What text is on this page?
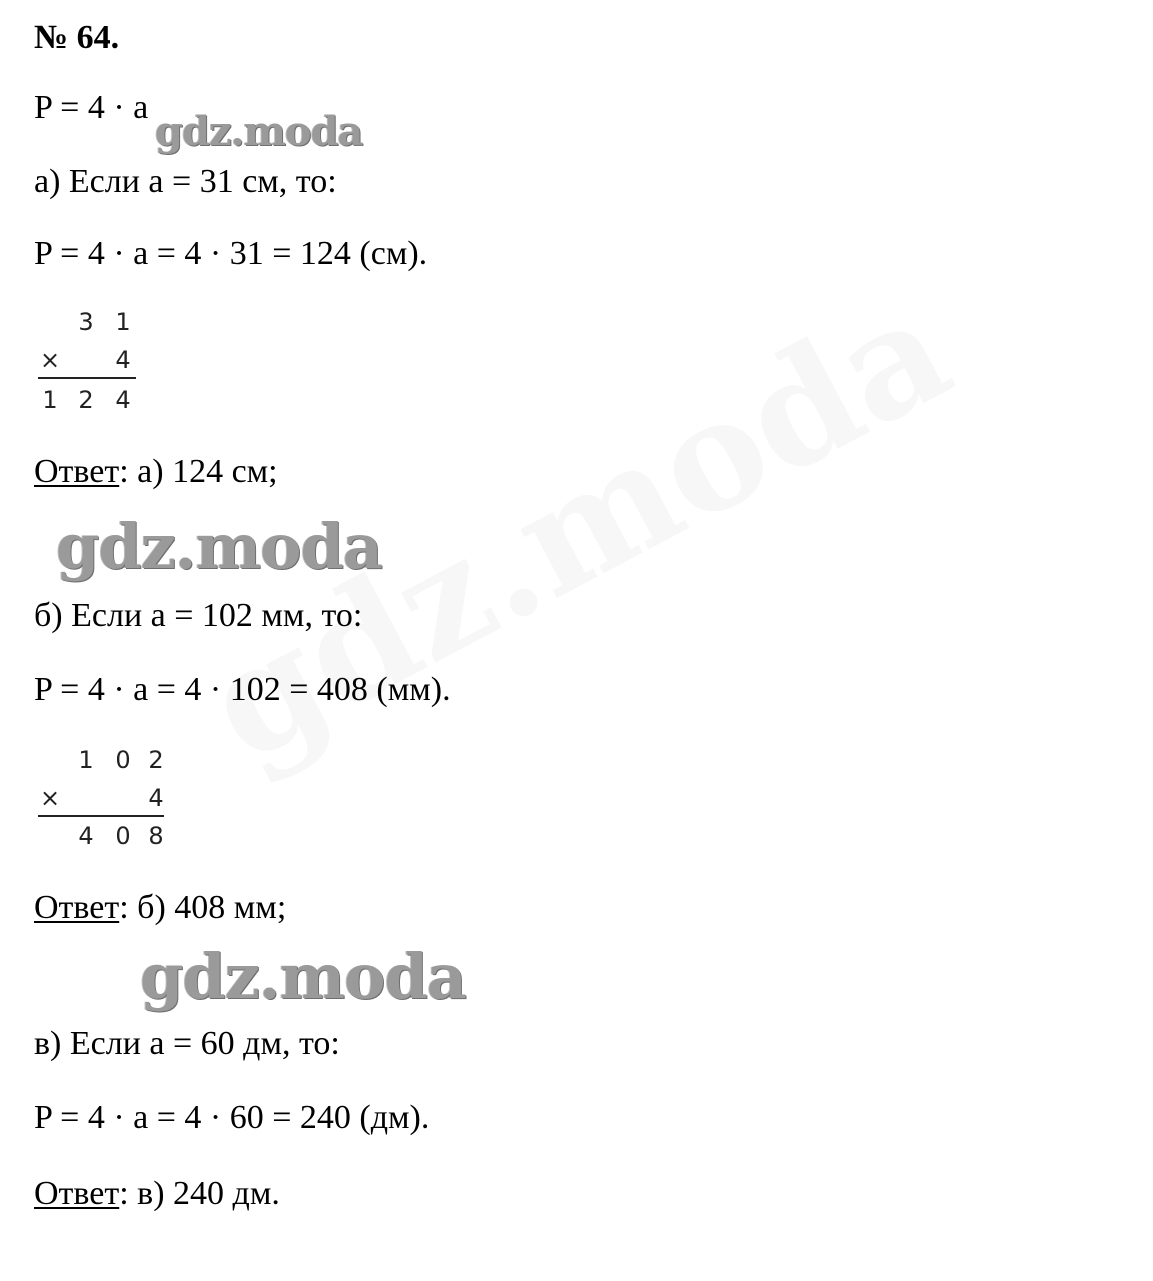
№ 64.
P = 4 · a
gdz.moda
а) Если a = 31 см, то:
P = 4 · a = 4 · 31 = 124 (см).
3 1
× 4
1 2 4
Ответ: а) 124 см;
gdz.moda
б) Если a = 102 мм, то:
P = 4 · a = 4 · 102 = 408 (мм).
1 0 2
×	4
4 0 8
Ответ: б) 408 мм;
gdz.moda
в) Если a = 60 дм, то:
P = 4 · a = 4 · 60 = 240 (дм).
Ответ: в) 240 дм.
